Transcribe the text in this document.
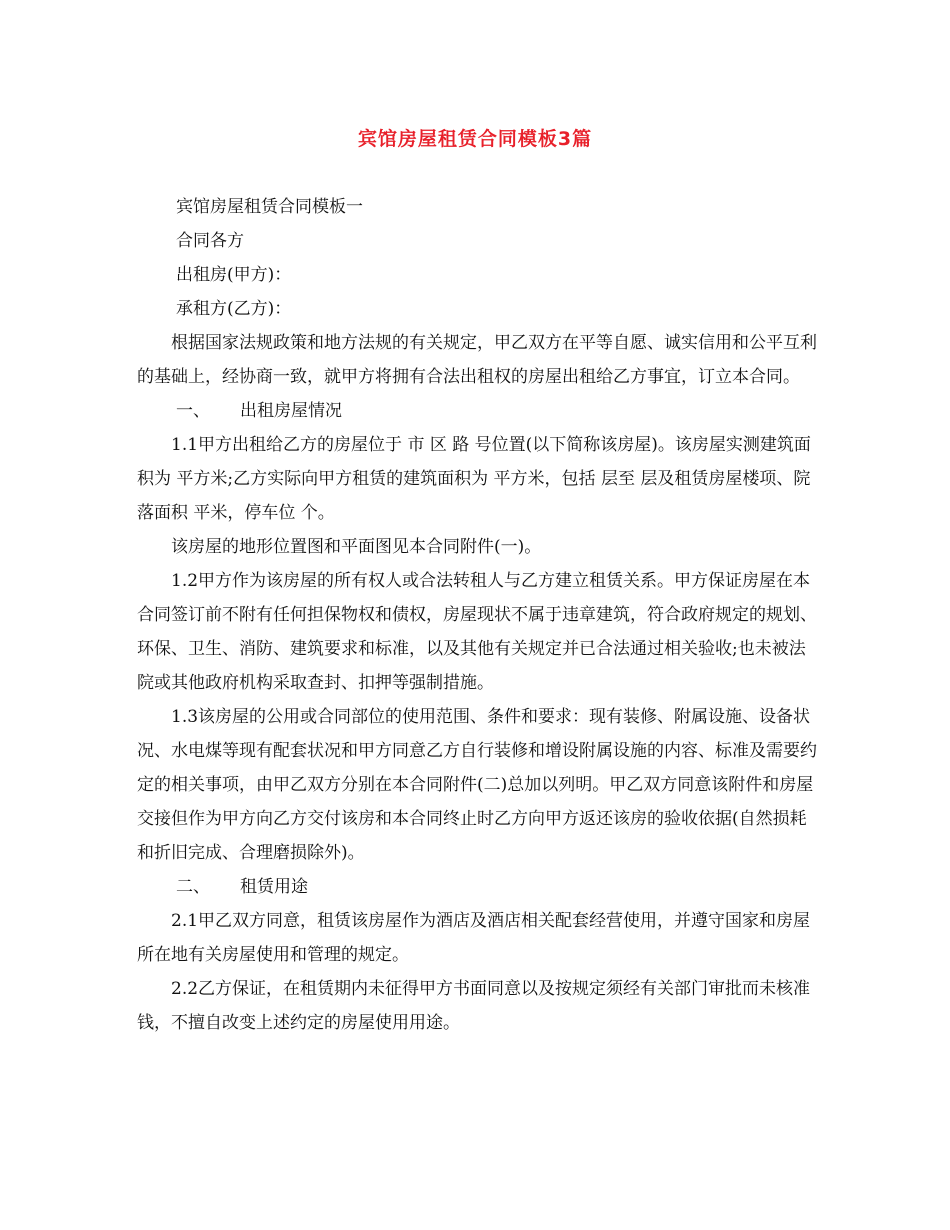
宾馆房屋租赁合同模板3篇

宾馆房屋租赁合同模板一

合同各方

出租房(甲方)：

承租方(乙方)：

根据国家法规政策和地方法规的有关规定，甲乙双方在平等自愿、诚实信用和公平互利的基础上，经协商一致，就甲方将拥有合法出租权的房屋出租给乙方事宜，订立本合同。

一、 出租房屋情况

1.1甲方出租给乙方的房屋位于 市 区 路 号位置(以下简称该房屋)。该房屋实测建筑面积为 平方米;乙方实际向甲方租赁的建筑面积为 平方米，包括 层至 层及租赁房屋楼项、院落面积 平米，停车位 个。

该房屋的地形位置图和平面图见本合同附件(一)。

1.2甲方作为该房屋的所有权人或合法转租人与乙方建立租赁关系。甲方保证房屋在本合同签订前不附有任何担保物权和债权，房屋现状不属于违章建筑，符合政府规定的规划、环保、卫生、消防、建筑要求和标准，以及其他有关规定并已合法通过相关验收;也未被法院或其他政府机构采取查封、扣押等强制措施。

1.3该房屋的公用或合同部位的使用范围、条件和要求：现有装修、附属设施、设备状况、水电煤等现有配套状况和甲方同意乙方自行装修和增设附属设施的内容、标准及需要约定的相关事项，由甲乙双方分别在本合同附件(二)总加以列明。甲乙双方同意该附件和房屋交接但作为甲方向乙方交付该房和本合同终止时乙方向甲方返还该房的验收依据(自然损耗和折旧完成、合理磨损除外)。

二、 租赁用途

2.1甲乙双方同意，租赁该房屋作为酒店及酒店相关配套经营使用，并遵守国家和房屋所在地有关房屋使用和管理的规定。

2.2乙方保证，在租赁期内未征得甲方书面同意以及按规定须经有关部门审批而未核准钱，不擅自改变上述约定的房屋使用用途。
